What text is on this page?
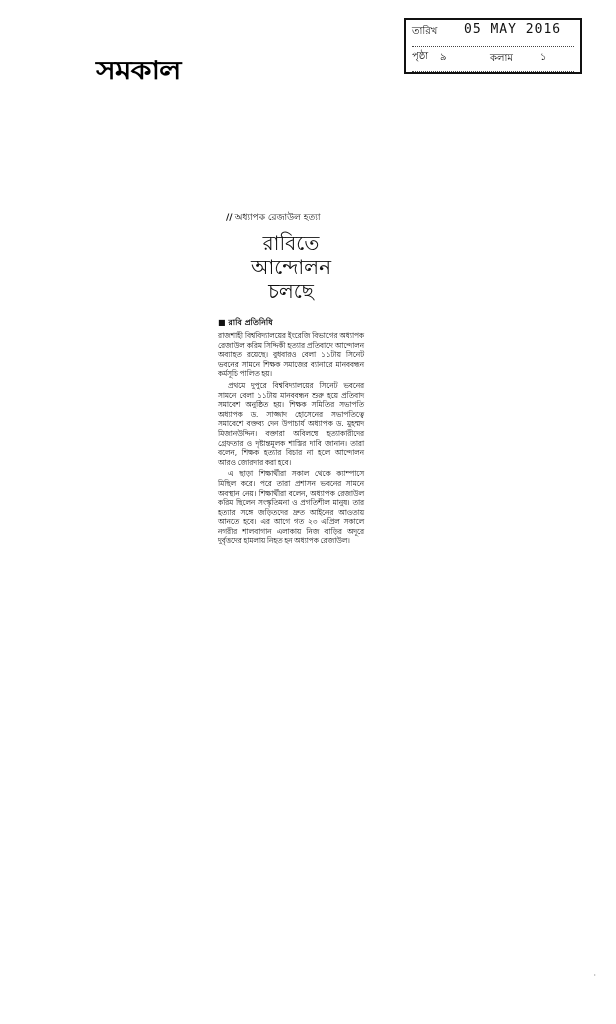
সমকাল
তারিখ 05 MAY 2016
পৃষ্ঠা ৯	কলাম	১
// অধ্যাপক রেজাউল হত্যা
রাবিতে
আন্দোলন
চলছে
■ রাবি প্রতিনিধি

রাজশাহী বিশ্ববিদ্যালয়ের ইংরেজি বিভাগের অধ্যাপক রেজাউল করিম সিদ্দিকী হত্যার প্রতিবাদে আন্দোলন অব্যাহত রয়েছে। বুধবারও বেলা ১১টায় সিনেট ভবনের সামনে শিক্ষক সমাজের ব্যানারে মানববন্ধন কর্মসূচি পালিত হয়।

প্রথমে দুপুরে বিশ্ববিদ্যালয়ের সিনেট ভবনের সামনে বেলা ১১টায় মানববন্ধন শুরু হয়ে প্রতিবাদ সমাবেশ অনুষ্ঠিত হয়। শিক্ষক সমিতির সভাপতি অধ্যাপক ড. সাজ্জাদ হোসেনের সভাপতিত্বে সমাবেশে বক্তব্য দেন উপাচার্য অধ্যাপক ড. মুহম্মদ মিজানউদ্দিন। বক্তারা অবিলম্বে হত্যাকারীদের গ্রেফতার ও দৃষ্টান্তমূলক শাস্তির দাবি জানান। তারা বলেন, শিক্ষক হত্যার বিচার না হলে আন্দোলন আরও জোরদার করা হবে।

এ ছাড়া শিক্ষার্থীরা সকাল থেকে ক্যাম্পাসে মিছিল করে। পরে তারা প্রশাসন ভবনের সামনে অবস্থান নেয়। শিক্ষার্থীরা বলেন, অধ্যাপক রেজাউল করিম ছিলেন সংস্কৃতিমনা ও প্রগতিশীল মানুষ। তার হত্যার সঙ্গে জড়িতদের দ্রুত আইনের আওতায় আনতে হবে। এর আগে গত ২৩ এপ্রিল সকালে নগরীর শালবাগান এলাকায় নিজ বাড়ির অদূরে দুর্বৃত্তদের হামলায় নিহত হন অধ্যাপক রেজাউল।

·
